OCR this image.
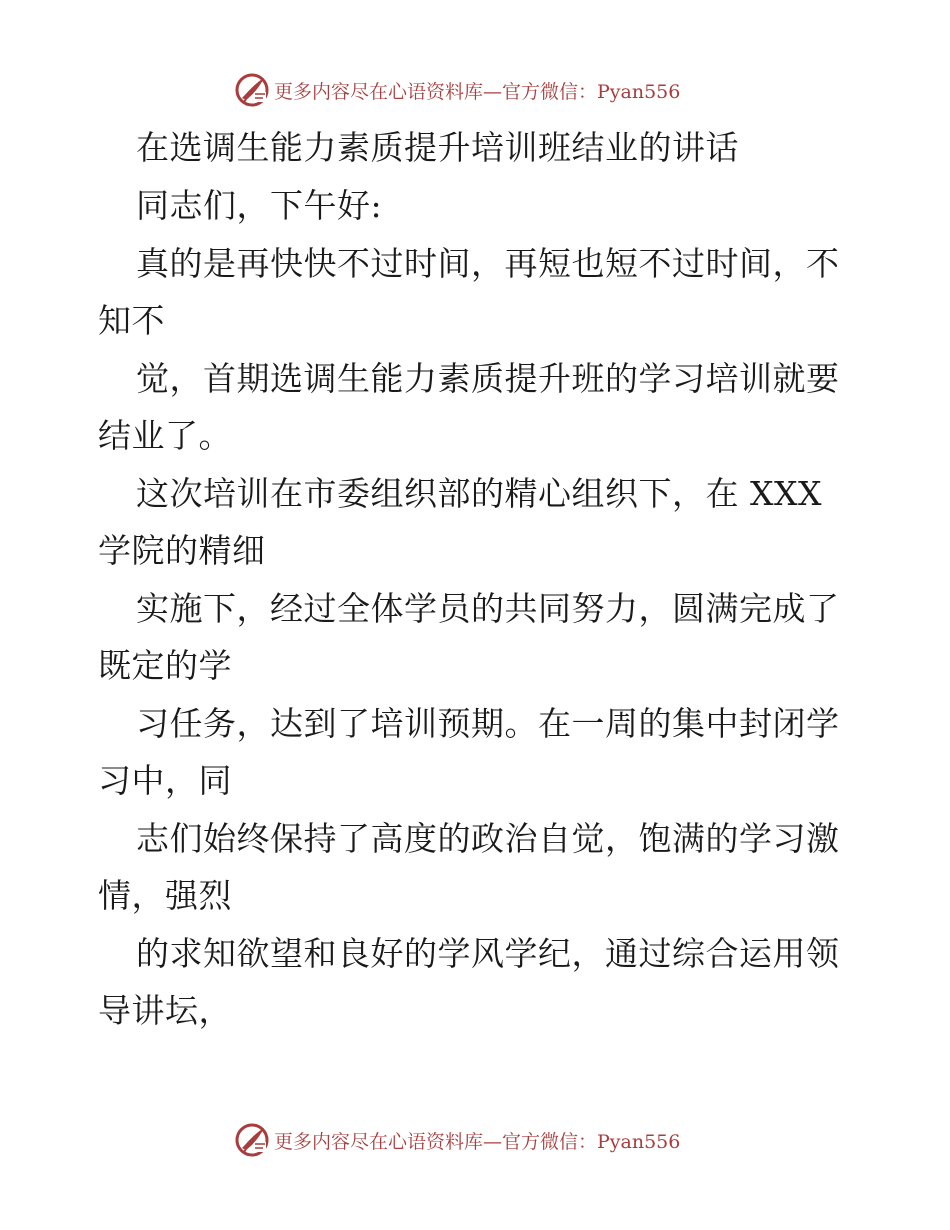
更多内容尽在心语资料库—官方微信：Pyan556
在选调生能力素质提升培训班结业的讲话

同志们，下午好:

真的是再快快不过时间，再短也短不过时间，不

知不

觉，首期选调生能力素质提升班的学习培训就要

结业了。

这次培训在市委组织部的精心组织下，在 XXX

学院的精细

实施下，经过全体学员的共同努力，圆满完成了

既定的学

习任务，达到了培训预期。在一周的集中封闭学

习中，同

志们始终保持了高度的政治自觉，饱满的学习激

情，强烈

的求知欲望和良好的学风学纪，通过综合运用领

导讲坛，

更多内容尽在心语资料库—官方微信：Pyan556
